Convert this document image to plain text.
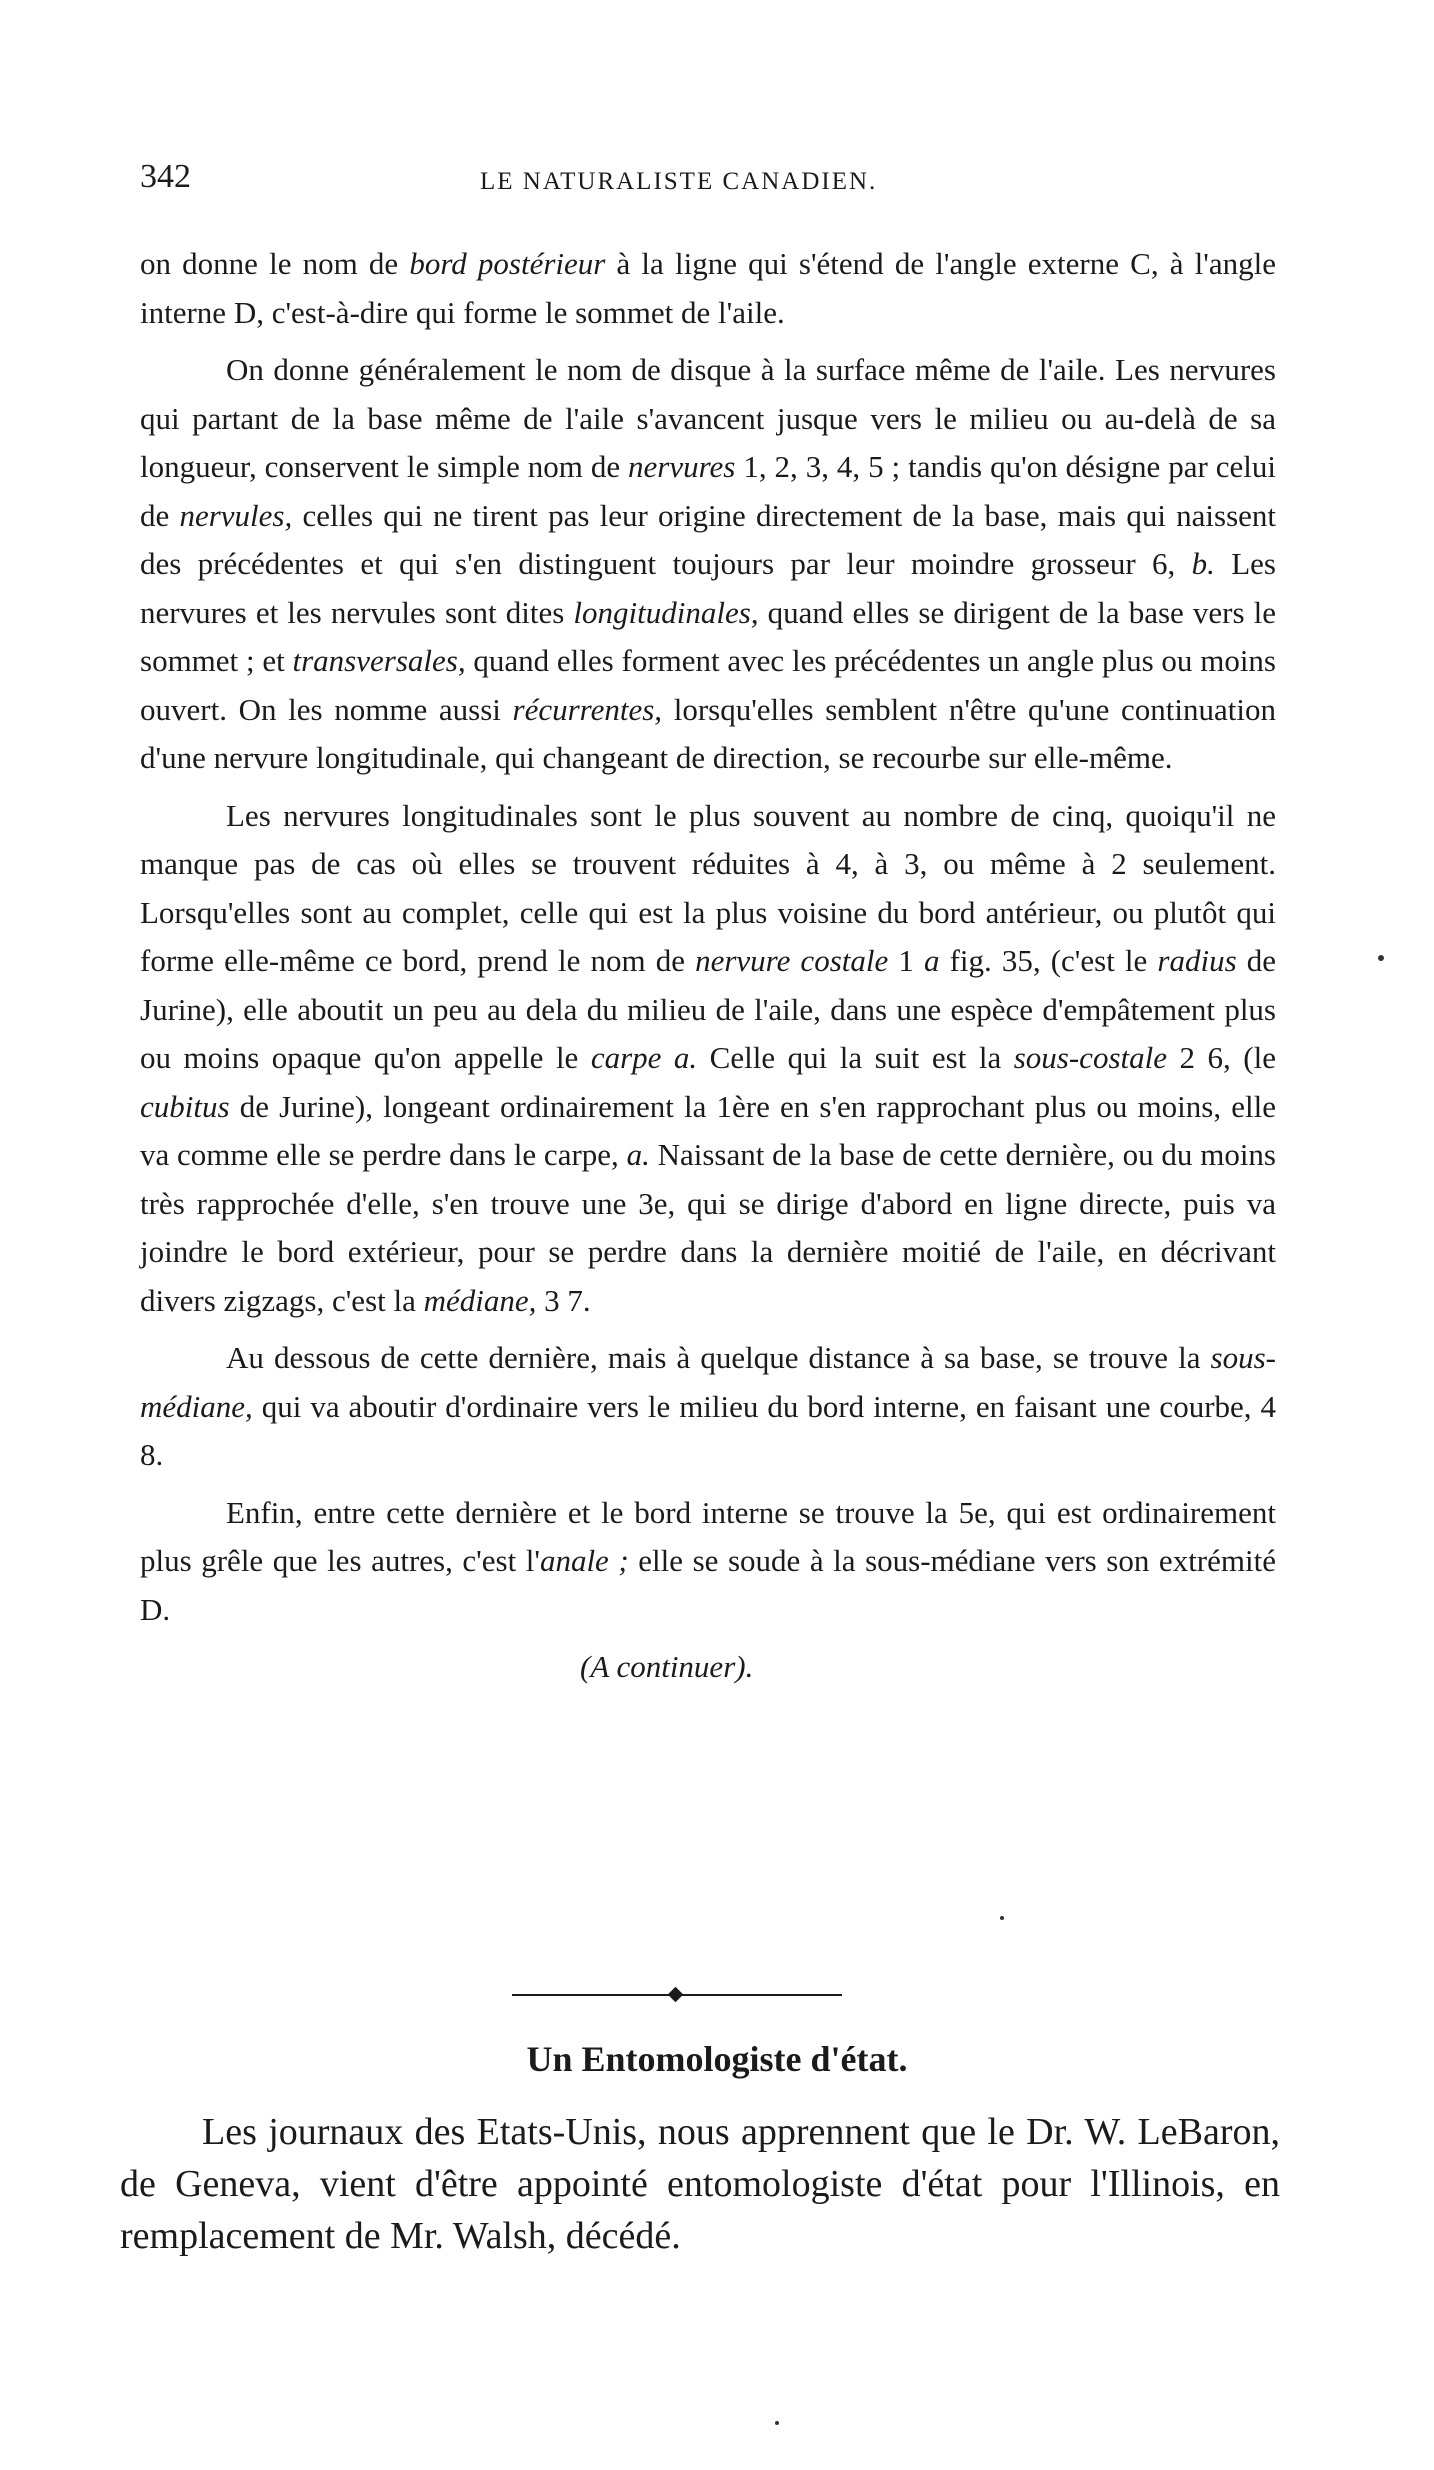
342	LE NATURALISTE CANADIEN.

on donne le nom de bord postérieur à la ligne qui s'étend de l'angle externe C, à l'angle interne D, c'est-à-dire qui forme le sommet de l'aile.

On donne généralement le nom de disque à la surface même de l'aile. Les nervures qui partant de la base même de l'aile s'avancent jusque vers le milieu ou au-delà de sa longueur, conservent le simple nom de nervures 1, 2, 3, 4, 5 ; tandis qu'on désigne par celui de nervules, celles qui ne tirent pas leur origine directement de la base, mais qui naissent des précédentes et qui s'en distinguent toujours par leur moindre grosseur 6, b. Les nervures et les nervules sont dites longitudinales, quand elles se dirigent de la base vers le sommet ; et transversales, quand elles forment avec les précédentes un angle plus ou moins ouvert. On les nomme aussi récurrentes, lorsqu'elles semblent n'être qu'une continuation d'une nervure longitudinale, qui changeant de direction, se recourbe sur elle-même.

Les nervures longitudinales sont le plus souvent au nombre de cinq, quoiqu'il ne manque pas de cas où elles se trouvent réduites à 4, à 3, ou même à 2 seulement. Lorsqu'elles sont au complet, celle qui est la plus voisine du bord antérieur, ou plutôt qui forme elle-même ce bord, prend le nom de nervure costale 1 a fig. 35, (c'est le radius de Jurine), elle aboutit un peu au dela du milieu de l'aile, dans une espèce d'empâtement plus ou moins opaque qu'on appelle le carpe a. Celle qui la suit est la sous-costale 2 6, (le cubitus de Jurine), longeant ordinairement la 1ère en s'en rapprochant plus ou moins, elle va comme elle se perdre dans le carpe, a. Naissant de la base de cette dernière, ou du moins très rapprochée d'elle, s'en trouve une 3e, qui se dirige d'abord en ligne directe, puis va joindre le bord extérieur, pour se perdre dans la dernière moitié de l'aile, en décrivant divers zigzags, c'est la médiane, 3 7.

Au dessous de cette dernière, mais à quelque distance à sa base, se trouve la sous-médiane, qui va aboutir d'ordinaire vers le milieu du bord interne, en faisant une courbe, 4 8.

Enfin, entre cette dernière et le bord interne se trouve la 5e, qui est ordinairement plus grêle que les autres, c'est l'anale ; elle se soude à la sous-médiane vers son extrémité D.

(A continuer).
Un Entomologiste d'état.
Les journaux des Etats-Unis, nous apprennent que le Dr. W. LeBaron, de Geneva, vient d'être appointé entomologiste d'état pour l'Illinois, en remplacement de Mr. Walsh, décédé.
